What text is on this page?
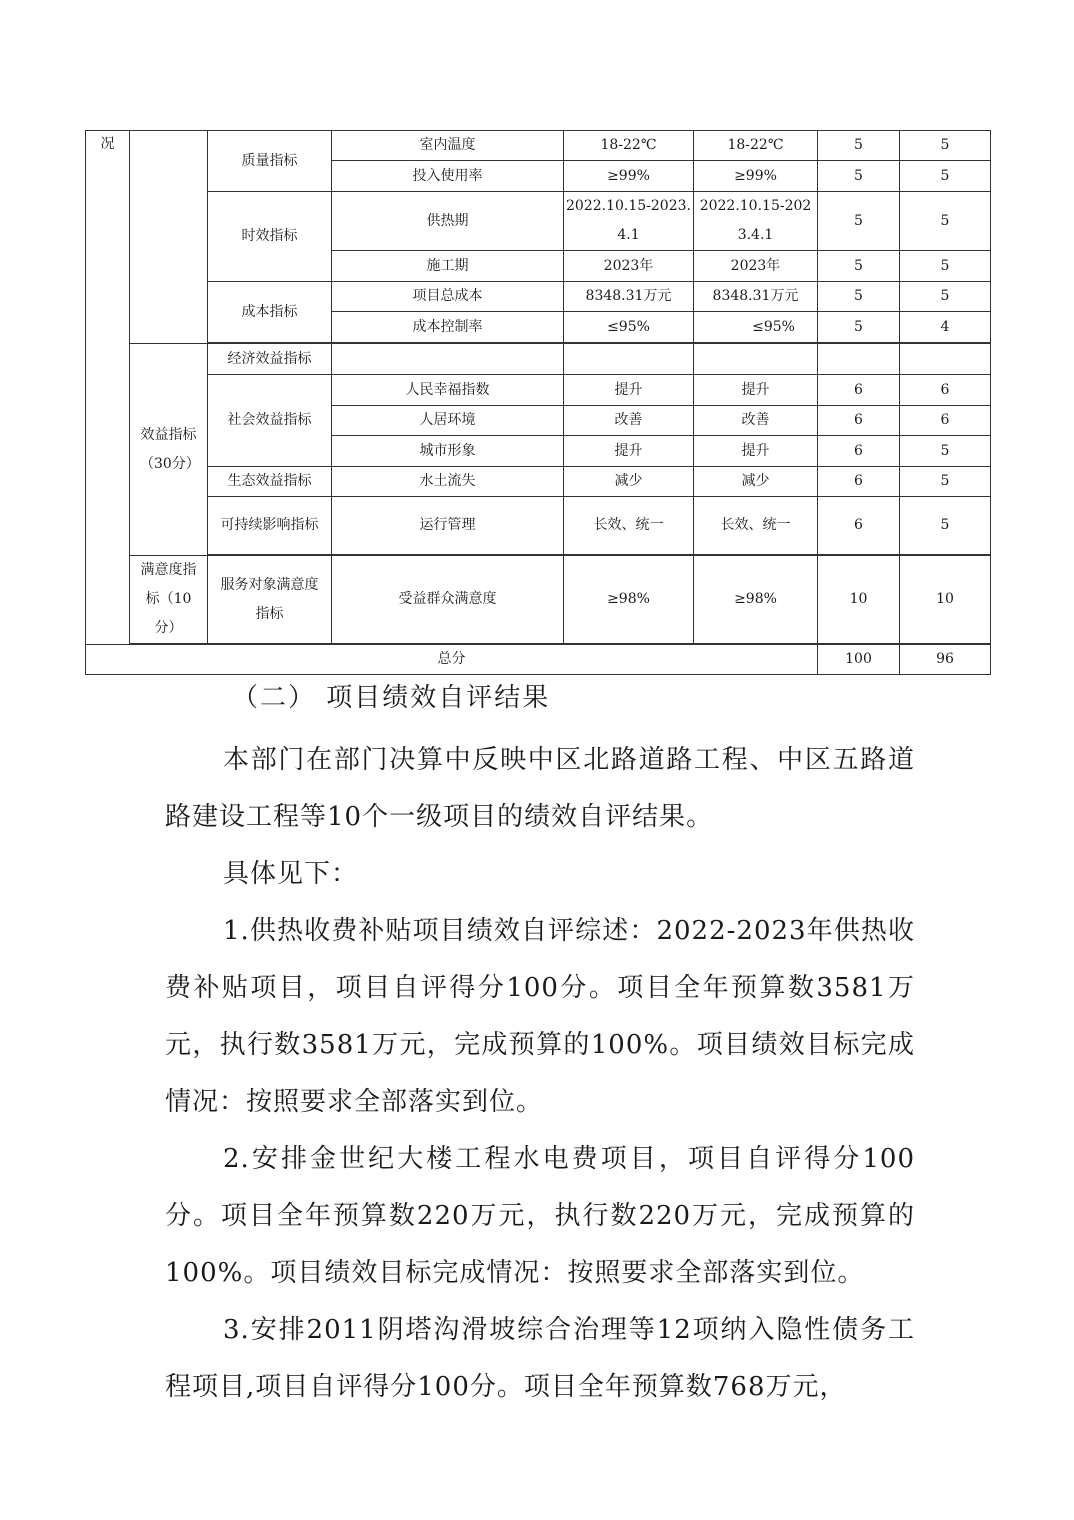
况		质量指标	室内温度	18-22℃	18-22℃	5	5
			投入使用率	≥99%	≥99%	5	5
		时效指标	供热期	2022.10.15-2023.4.1	2022.10.15-2023.4.1	5	5
			施工期	2023年	2023年	5	5
		成本指标	项目总成本	8348.31万元	8348.31万元	5	5
			成本控制率	≤95%	≤95%	5	4

	效益指标（30分）	经济效益指标					
		社会效益指标	人民幸福指数	提升	提升	6	6
			人居环境	改善	改善	6	6
			城市形象	提升	提升	6	5
		生态效益指标	水土流失	减少	减少	6	5
		可持续影响指标	运行管理	长效、统一	长效、统一	6	5

	满意度指标（10分）	服务对象满意度指标	受益群众满意度	≥98%	≥98%	10	10

总分						100	96
（二） 项目绩效自评结果

本部门在部门决算中反映中区北路道路工程、中区五路道路建设工程等10个一级项目的绩效自评结果。

具体见下：

1.供热收费补贴项目绩效自评综述：2022-2023年供热收费补贴项目，项目自评得分100分。项目全年预算数3581万元，执行数3581万元，完成预算的100%。项目绩效目标完成情况：按照要求全部落实到位。

2.安排金世纪大楼工程水电费项目，项目自评得分100分。项目全年预算数220万元，执行数220万元，完成预算的100%。项目绩效目标完成情况：按照要求全部落实到位。

3.安排2011阴塔沟滑坡综合治理等12项纳入隐性债务工程项目,项目自评得分100分。项目全年预算数768万元，
